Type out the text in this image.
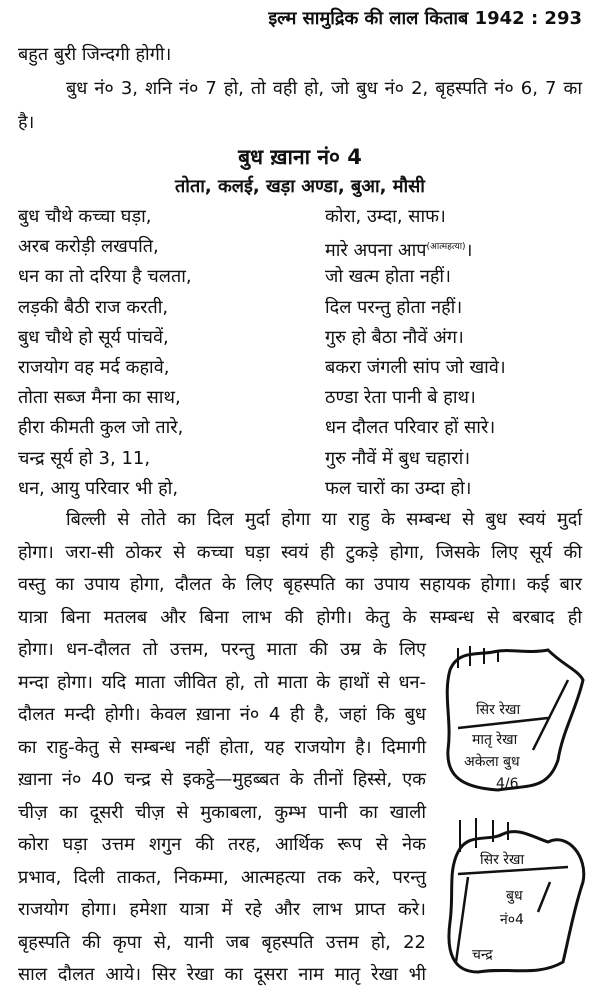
इल्म सामुद्रिक की लाल किताब 1942 : 293
बहुत बुरी जिन्दगी होगी।
बुध नं० 3, शनि नं० 7 हो, तो वही हो, जो बुध नं० 2, बृहस्पति नं० 6, 7 का
है।
बुध ख़ाना नं० 4
तोता, कलई, खड़ा अण्डा, बुआ, मौसी
बुध चौथे कच्चा घड़ा,	कोरा, उम्दा, साफ।
अरब करोड़ी लखपति,	मारे अपना आप$^{(आत्महत्या)}$।
धन का तो दरिया है चलता,	जो खत्म होता नहीं।
लड़की बैठी राज करती,	दिल परन्तु होता नहीं।
बुध चौथे हो सूर्य पांचवें,	गुरु हो बैठा नौवें अंग।
राजयोग वह मर्द कहावे,	बकरा जंगली सांप जो खावे।
तोता सब्ज मैना का साथ,	ठण्डा रेता पानी बे हाथ।
हीरा कीमती कुल जो तारे,	धन दौलत परिवार हों सारे।
चन्द्र सूर्य हो 3, 11,	गुरु नौवें में बुध चहारां।
धन, आयु परिवार भी हो,	फल चारों का उम्दा हो।
बिल्ली से तोते का दिल मुर्दा होगा या राहु के सम्बन्ध से बुध स्वयं मुर्दा
होगा। जरा-सी ठोकर से कच्चा घड़ा स्वयं ही टुकड़े होगा, जिसके लिए सूर्य की
वस्तु का उपाय होगा, दौलत के लिए बृहस्पति का उपाय सहायक होगा। कई बार
यात्रा बिना मतलब और बिना लाभ की होगी। केतु के सम्बन्ध से बरबाद ही
होगा। धन-दौलत तो उत्तम, परन्तु माता की उम्र के लिए
मन्दा होगा। यदि माता जीवित हो, तो माता के हाथों से धन-
दौलत मन्दी होगी। केवल ख़ाना नं० 4 ही है, जहां कि बुध
का राहु-केतु से सम्बन्ध नहीं होता, यह राजयोग है। दिमागी
ख़ाना नं० 40 चन्द्र से इकट्ठे—मुहब्बत के तीनों हिस्से, एक
चीज़ का दूसरी चीज़ से मुकाबला, कुम्भ पानी का खाली
कोरा घड़ा उत्तम शगुन की तरह, आर्थिक रूप से नेक
प्रभाव, दिली ताकत, निकम्मा, आत्महत्या तक करे, परन्तु
राजयोग होगा। हमेशा यात्रा में रहे और लाभ प्राप्त करे।
बृहस्पति की कृपा से, यानी जब बृहस्पति उत्तम हो, 22
साल दौलत आये। सिर रेखा का दूसरा नाम मातृ रेखा भी
सिर रेखा
मातृ रेखा
अकेला बुध
4/6
सिर रेखा
बुध
नं०4
चन्द्र
